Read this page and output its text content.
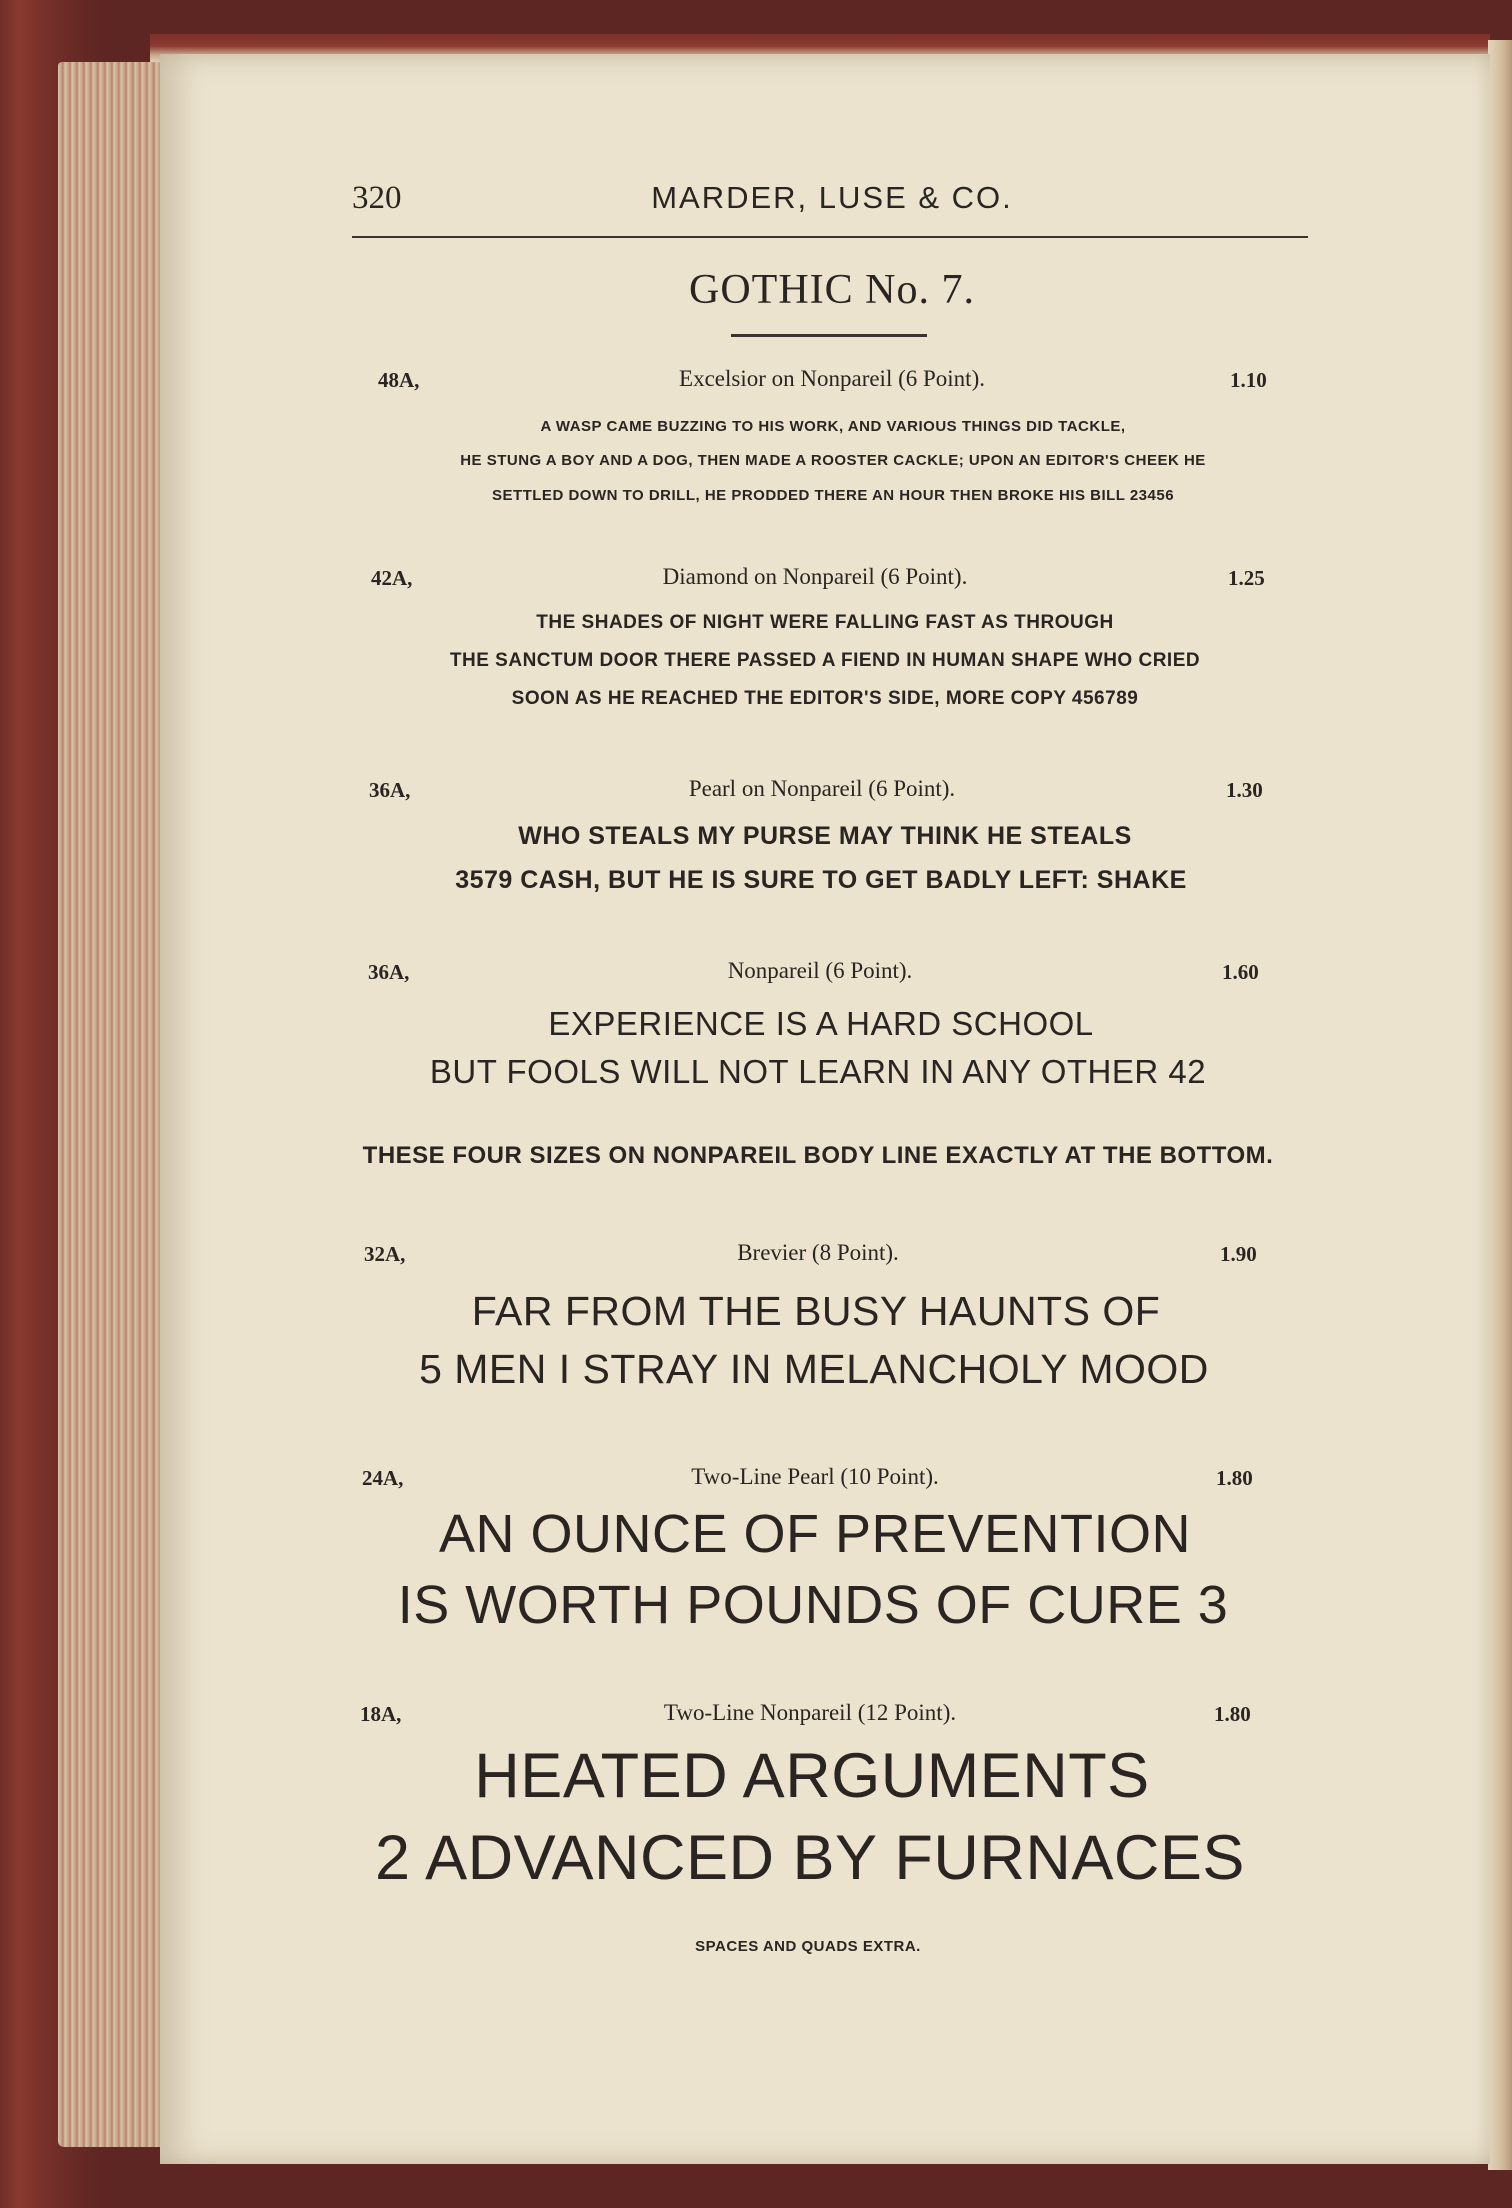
320	MARDER, LUSE & CO.
GOTHIC No. 7.
48A,	Excelsior on Nonpareil (6 Point).	1.10
A WASP CAME BUZZING TO HIS WORK, AND VARIOUS THINGS DID TACKLE,
HE STUNG A BOY AND A DOG, THEN MADE A ROOSTER CACKLE; UPON AN EDITOR'S CHEEK HE
SETTLED DOWN TO DRILL, HE PRODDED THERE AN HOUR THEN BROKE HIS BILL 23456
42A,	Diamond on Nonpareil (6 Point).	1.25
THE SHADES OF NIGHT WERE FALLING FAST AS THROUGH
THE SANCTUM DOOR THERE PASSED A FIEND IN HUMAN SHAPE WHO CRIED
SOON AS HE REACHED THE EDITOR'S SIDE, MORE COPY 456789
36A,	Pearl on Nonpareil (6 Point).	1.30
WHO STEALS MY PURSE MAY THINK HE STEALS
3579 CASH, BUT HE IS SURE TO GET BADLY LEFT: SHAKE
36A,	Nonpareil (6 Point).	1.60
EXPERIENCE IS A HARD SCHOOL
BUT FOOLS WILL NOT LEARN IN ANY OTHER 42
THESE FOUR SIZES ON NONPAREIL BODY LINE EXACTLY AT THE BOTTOM.
32A,	Brevier (8 Point).	1.90
FAR FROM THE BUSY HAUNTS OF
5 MEN I STRAY IN MELANCHOLY MOOD
24A,	Two-Line Pearl (10 Point).	1.80
AN OUNCE OF PREVENTION
IS WORTH POUNDS OF CURE 3
18A,	Two-Line Nonpareil (12 Point).	1.80
HEATED ARGUMENTS
2 ADVANCED BY FURNACES
SPACES AND QUADS EXTRA.
